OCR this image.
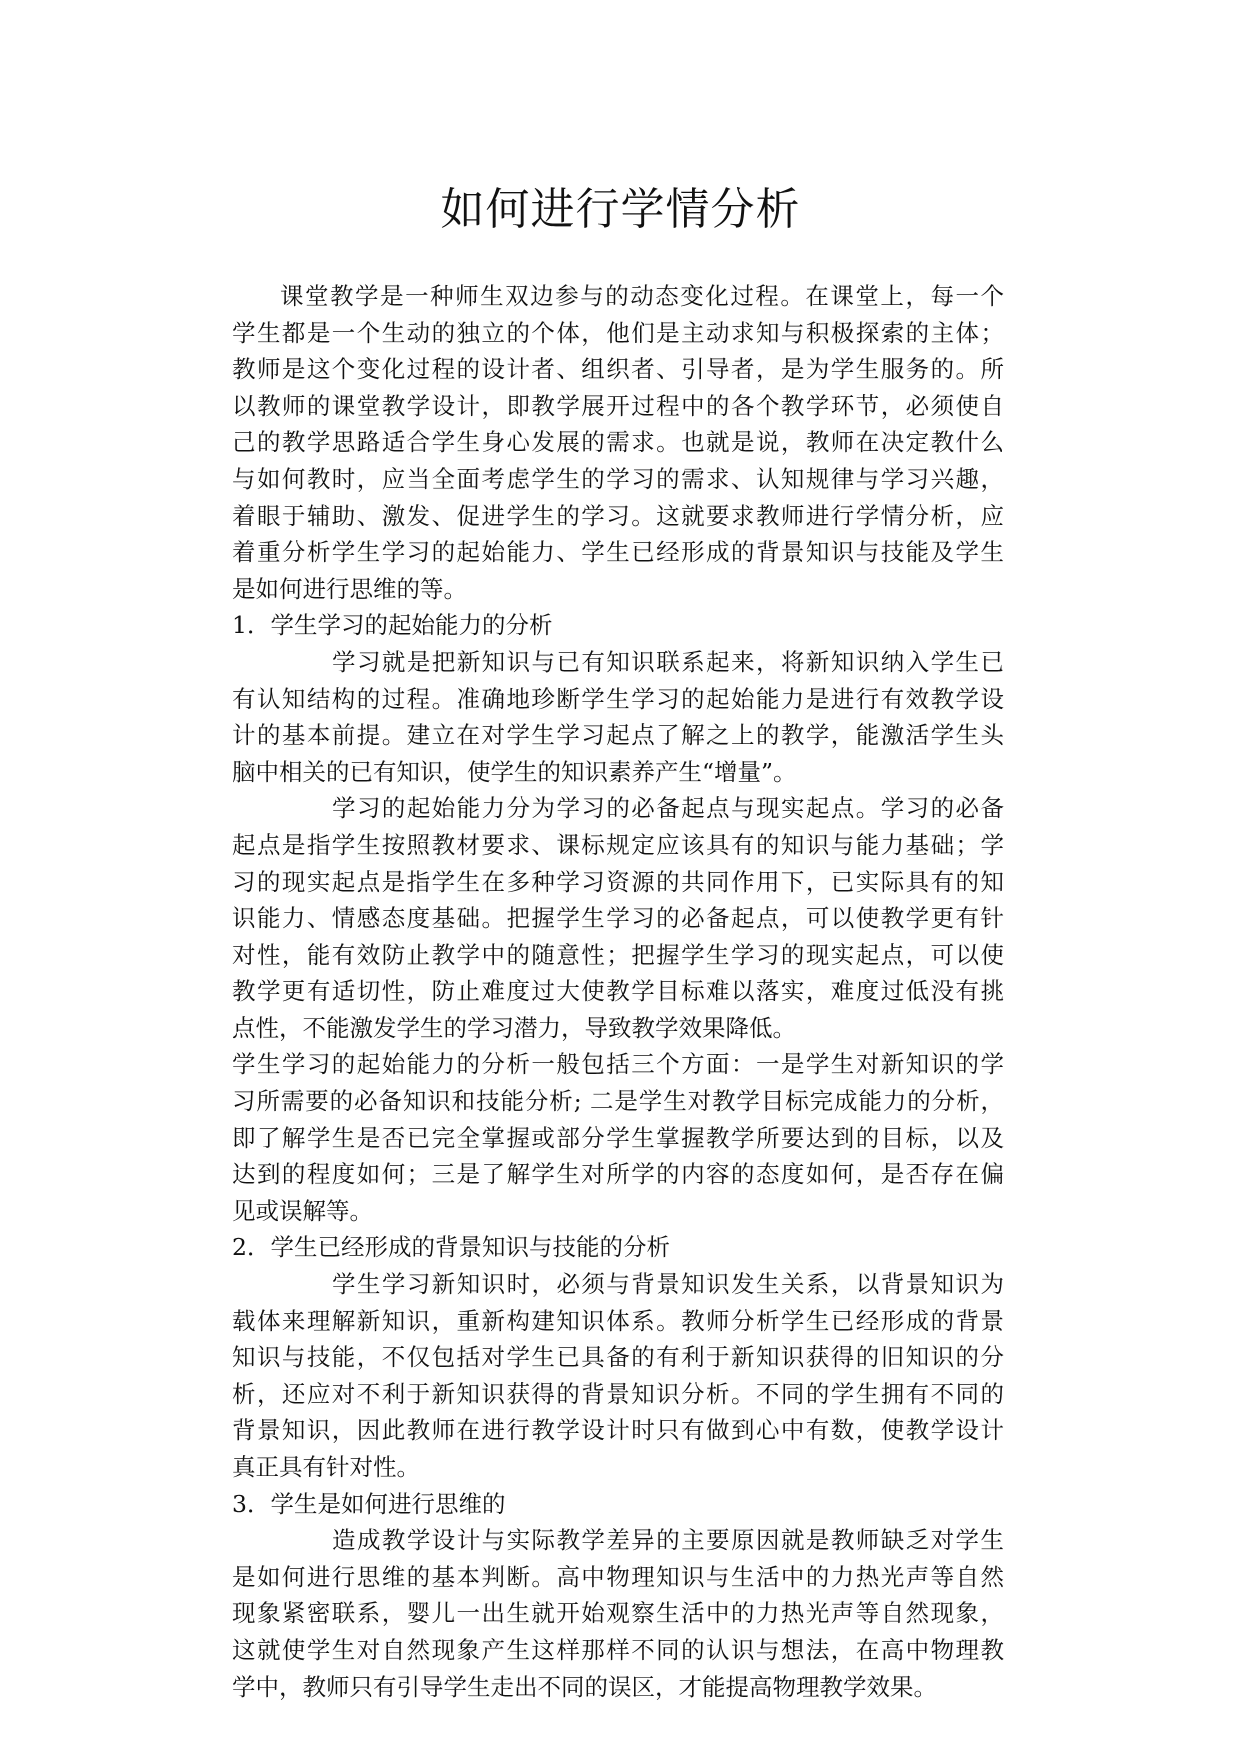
如何进行学情分析
课堂教学是一种师生双边参与的动态变化过程。在课堂上，每一个
学生都是一个生动的独立的个体，他们是主动求知与积极探索的主体；
教师是这个变化过程的设计者、组织者、引导者，是为学生服务的。所
以教师的课堂教学设计，即教学展开过程中的各个教学环节，必须使自
己的教学思路适合学生身心发展的需求。也就是说，教师在决定教什么
与如何教时，应当全面考虑学生的学习的需求、认知规律与学习兴趣，
着眼于辅助、激发、促进学生的学习。这就要求教师进行学情分析，应
着重分析学生学习的起始能力、学生已经形成的背景知识与技能及学生
是如何进行思维的等。
1．学生学习的起始能力的分析
学习就是把新知识与已有知识联系起来，将新知识纳入学生已
有认知结构的过程。准确地珍断学生学习的起始能力是进行有效教学设
计的基本前提。建立在对学生学习起点了解之上的教学，能激活学生头
脑中相关的已有知识，使学生的知识素养产生“增量”。
学习的起始能力分为学习的必备起点与现实起点。学习的必备
起点是指学生按照教材要求、课标规定应该具有的知识与能力基础；学
习的现实起点是指学生在多种学习资源的共同作用下，已实际具有的知
识能力、情感态度基础。把握学生学习的必备起点，可以使教学更有针
对性，能有效防止教学中的随意性；把握学生学习的现实起点，可以使
教学更有适切性，防止难度过大使教学目标难以落实，难度过低没有挑
点性，不能激发学生的学习潜力，导致教学效果降低。
学生学习的起始能力的分析一般包括三个方面：一是学生对新知识的学
习所需要的必备知识和技能分析; 二是学生对教学目标完成能力的分析，
即了解学生是否已完全掌握或部分学生掌握教学所要达到的目标，以及
达到的程度如何；三是了解学生对所学的内容的态度如何，是否存在偏
见或误解等。
2．学生已经形成的背景知识与技能的分析
学生学习新知识时，必须与背景知识发生关系，以背景知识为
载体来理解新知识，重新构建知识体系。教师分析学生已经形成的背景
知识与技能，不仅包括对学生已具备的有利于新知识获得的旧知识的分
析，还应对不利于新知识获得的背景知识分析。不同的学生拥有不同的
背景知识，因此教师在进行教学设计时只有做到心中有数，使教学设计
真正具有针对性。
3．学生是如何进行思维的
造成教学设计与实际教学差异的主要原因就是教师缺乏对学生
是如何进行思维的基本判断。高中物理知识与生活中的力热光声等自然
现象紧密联系，婴儿一出生就开始观察生活中的力热光声等自然现象，
这就使学生对自然现象产生这样那样不同的认识与想法，在高中物理教
学中，教师只有引导学生走出不同的误区，才能提高物理教学效果。
